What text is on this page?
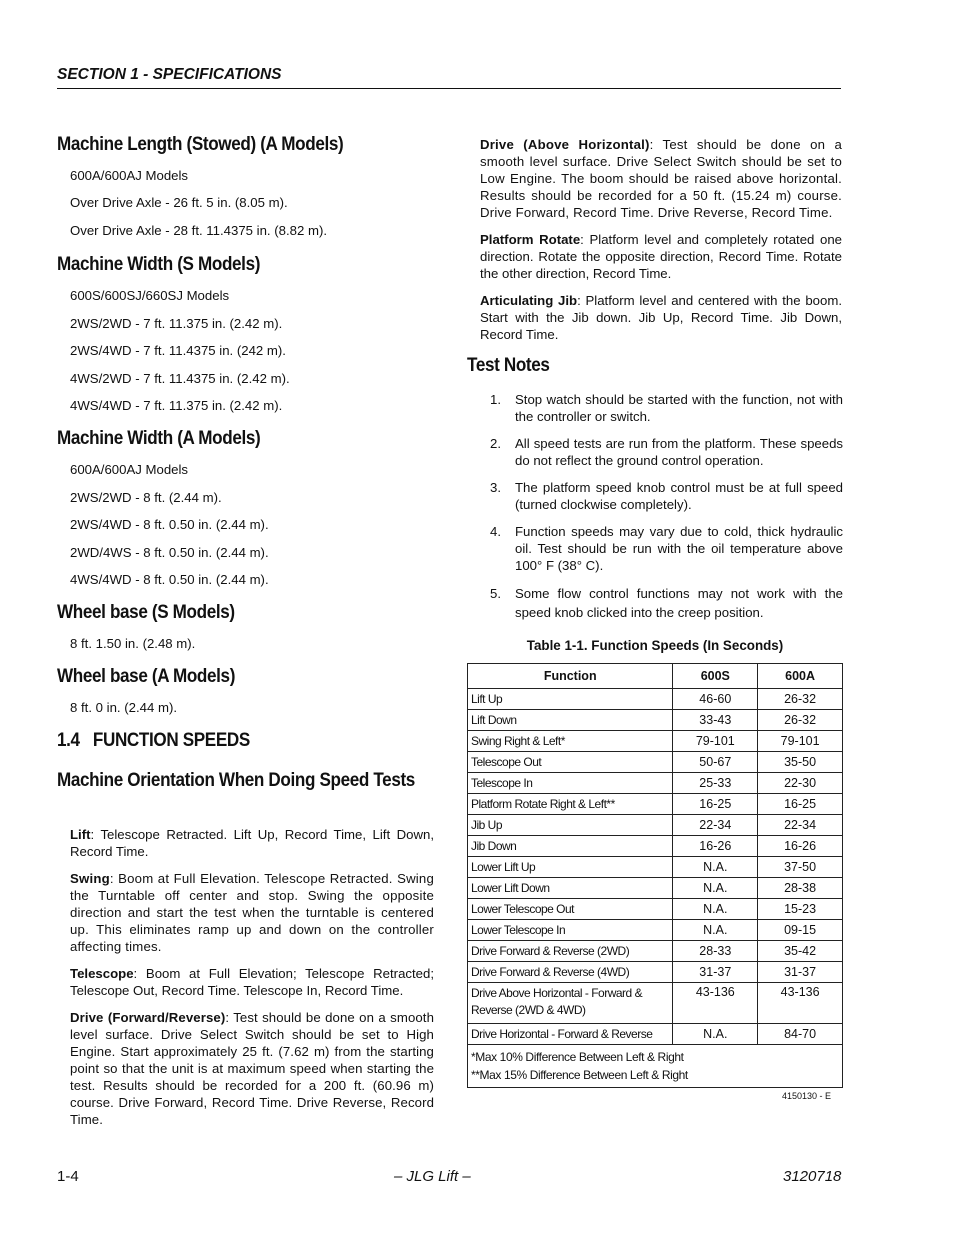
SECTION 1 - SPECIFICATIONS
Machine Length (Stowed) (A Models)
600A/600AJ Models
Over Drive Axle - 26 ft. 5 in. (8.05 m).
Over Drive Axle - 28 ft. 11.4375 in. (8.82 m).
Machine Width (S Models)
600S/600SJ/660SJ Models
2WS/2WD - 7 ft. 11.375 in. (2.42 m).
2WS/4WD - 7 ft. 11.4375 in. (242 m).
4WS/2WD - 7 ft. 11.4375 in. (2.42 m).
4WS/4WD - 7 ft. 11.375 in. (2.42 m).
Machine Width (A Models)
600A/600AJ Models
2WS/2WD - 8 ft. (2.44 m).
2WS/4WD - 8 ft. 0.50 in. (2.44 m).
2WD/4WS - 8 ft. 0.50 in. (2.44 m).
4WS/4WD - 8 ft. 0.50 in. (2.44 m).
Wheel base (S Models)
8 ft. 1.50 in. (2.48 m).
Wheel base (A Models)
8 ft. 0 in. (2.44 m).
1.4   FUNCTION SPEEDS
Machine Orientation When Doing Speed Tests

Lift: Telescope Retracted. Lift Up, Record Time, Lift Down, Record Time.

Swing: Boom at Full Elevation. Telescope Retracted. Swing the Turntable off center and stop. Swing the opposite direction and start the test when the turntable is centered up. This eliminates ramp up and down on the controller affecting times.

Telescope: Boom at Full Elevation; Telescope Retracted; Telescope Out, Record Time. Telescope In, Record Time.

Drive (Forward/Reverse): Test should be done on a smooth level surface. Drive Select Switch should be set to High Engine. Start approximately 25 ft. (7.62 m) from the starting point so that the unit is at maximum speed when starting the test. Results should be recorded for a 200 ft. (60.96 m) course. Drive Forward, Record Time. Drive Reverse, Record Time.

Drive (Above Horizontal): Test should be done on a smooth level surface. Drive Select Switch should be set to Low Engine. The boom should be raised above horizontal. Results should be recorded for a 50 ft. (15.24 m) course. Drive Forward, Record Time. Drive Reverse, Record Time.

Platform Rotate: Platform level and completely rotated one direction. Rotate the opposite direction, Record Time. Rotate the other direction, Record Time.

Articulating Jib: Platform level and centered with the boom. Start with the Jib down. Jib Up, Record Time. Jib Down, Record Time.

Test Notes
1. Stop watch should be started with the function, not with the controller or switch.
2. All speed tests are run from the platform. These speeds do not reflect the ground control operation.
3. The platform speed knob control must be at full speed (turned clockwise completely).
4. Function speeds may vary due to cold, thick hydraulic oil. Test should be run with the oil temperature above 100° F (38° C).
5. Some flow control functions may not work with the speed knob clicked into the creep position.
Table 1-1. Function Speeds (In Seconds)
Function	600S	600A
Lift Up	46-60	26-32
Lift Down	33-43	26-32
Swing Right & Left*	79-101	79-101
Telescope Out	50-67	35-50
Telescope In	25-33	22-30
Platform Rotate Right & Left**	16-25	16-25
Jib Up	22-34	22-34
Jib Down	16-26	16-26
Lower Lift Up	N.A.	37-50
Lower Lift Down	N.A.	28-38
Lower Telescope Out	N.A.	15-23
Lower Telescope In	N.A.	09-15
Drive Forward & Reverse (2WD)	28-33	35-42
Drive Forward & Reverse (4WD)	31-37	31-37
Drive Above Horizontal - Forward & Reverse (2WD & 4WD)	43-136	43-136
Drive Horizontal - Forward & Reverse	N.A.	84-70

*Max 10% Difference Between Left & Right
**Max 15% Difference Between Left & Right		
4150130 - E
1-4	– JLG Lift –	3120718
